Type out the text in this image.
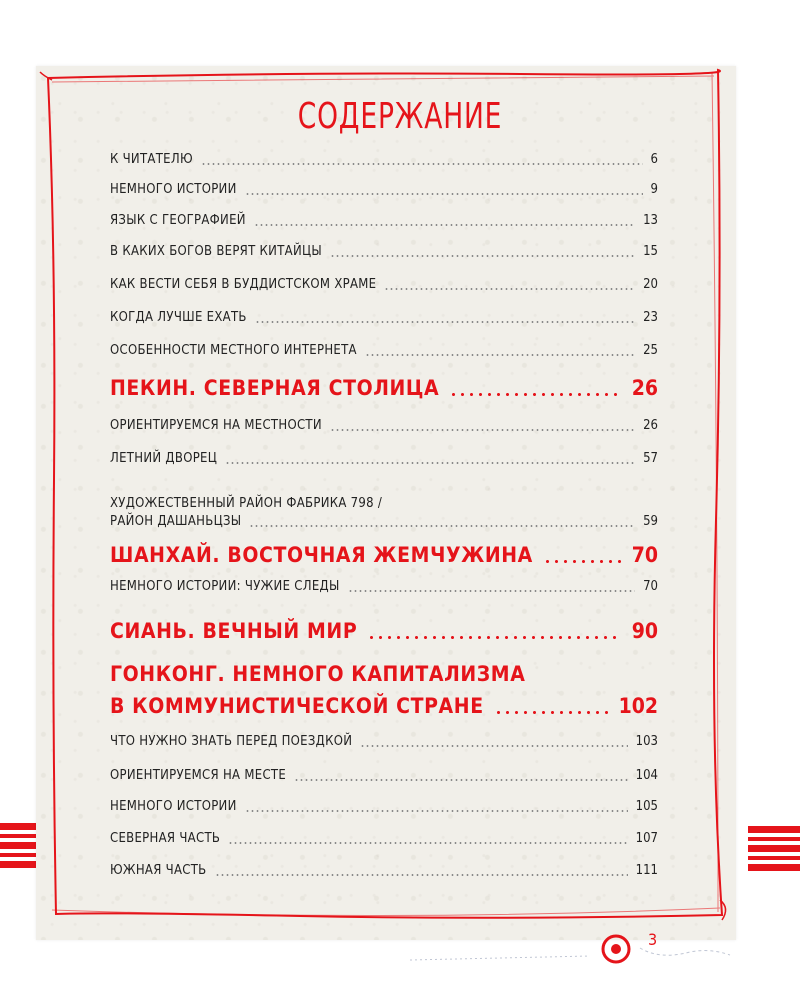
СОДЕРЖАНИЕ
К ЧИТАТЕЛЮ	6
НЕМНОГО ИСТОРИИ	9
ЯЗЫК С ГЕОГРАФИЕЙ	13
В КАКИХ БОГОВ ВЕРЯТ КИТАЙЦЫ	15
КАК ВЕСТИ СЕБЯ В БУДДИСТСКОМ ХРАМЕ	20
КОГДА ЛУЧШЕ ЕХАТЬ	23
ОСОБЕННОСТИ МЕСТНОГО ИНТЕРНЕТА	25
ПЕКИН. СЕВЕРНАЯ СТОЛИЦА	26
ОРИЕНТИРУЕМСЯ НА МЕСТНОСТИ	26
ЛЕТНИЙ ДВОРЕЦ	57
ХУДОЖЕСТВЕННЫЙ РАЙОН ФАБРИКА 798 /
РАЙОН ДАШАНЬЦЗЫ	59
ШАНХАЙ. ВОСТОЧНАЯ ЖЕМЧУЖИНА	70
НЕМНОГО ИСТОРИИ: ЧУЖИЕ СЛЕДЫ	70
СИАНЬ. ВЕЧНЫЙ МИР	90
ГОНКОНГ. НЕМНОГО КАПИТАЛИЗМА
В КОММУНИСТИЧЕСКОЙ СТРАНЕ	102
ЧТО НУЖНО ЗНАТЬ ПЕРЕД ПОЕЗДКОЙ	103
ОРИЕНТИРУЕМСЯ НА МЕСТЕ	104
НЕМНОГО ИСТОРИИ	105
СЕВЕРНАЯ ЧАСТЬ	107
ЮЖНАЯ ЧАСТЬ	111
3
